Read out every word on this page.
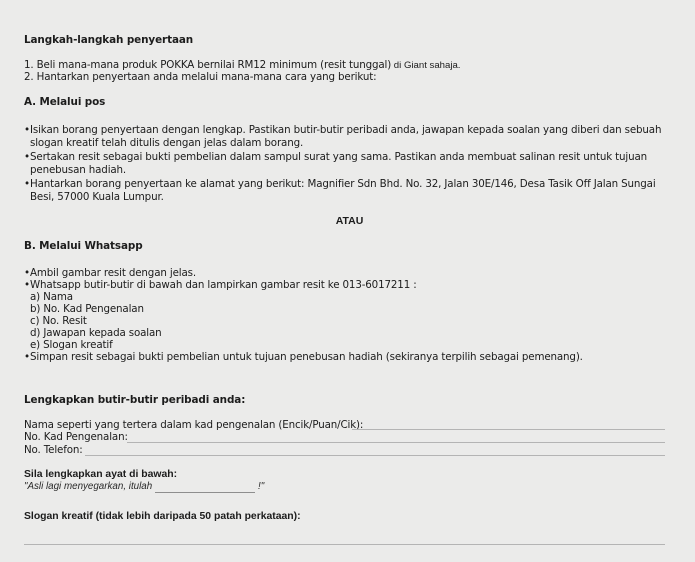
Langkah-langkah penyertaan
1. Beli mana-mana produk POKKA bernilai RM12 minimum (resit tunggal) di Giant sahaja.
2. Hantarkan penyertaan anda melalui mana-mana cara yang berikut:
A. Melalui pos
• Isikan borang penyertaan dengan lengkap. Pastikan butir-butir peribadi anda, jawapan kepada soalan yang diberi dan sebuah slogan kreatif telah ditulis dengan jelas dalam borang.
• Sertakan resit sebagai bukti pembelian dalam sampul surat yang sama. Pastikan anda membuat salinan resit untuk tujuan penebusan hadiah.
• Hantarkan borang penyertaan ke alamat yang berikut: Magnifier Sdn Bhd. No. 32, Jalan 30E/146, Desa Tasik Off Jalan Sungai Besi, 57000 Kuala Lumpur.
ATAU
B. Melalui Whatsapp
• Ambil gambar resit dengan jelas.
• Whatsapp butir-butir di bawah dan lampirkan gambar resit ke 013-6017211 :
a) Nama
b) No. Kad Pengenalan
c) No. Resit
d) Jawapan kepada soalan
e) Slogan kreatif
• Simpan resit sebagai bukti pembelian untuk tujuan penebusan hadiah (sekiranya terpilih sebagai pemenang).
Lengkapkan butir-butir peribadi anda:
Nama seperti yang tertera dalam kad pengenalan (Encik/Puan/Cik):
No. Kad Pengenalan:
No. Telefon:
Sila lengkapkan ayat di bawah:
"Asli lagi menyegarkan, itulah	!"
Slogan kreatif (tidak lebih daripada 50 patah perkataan):
